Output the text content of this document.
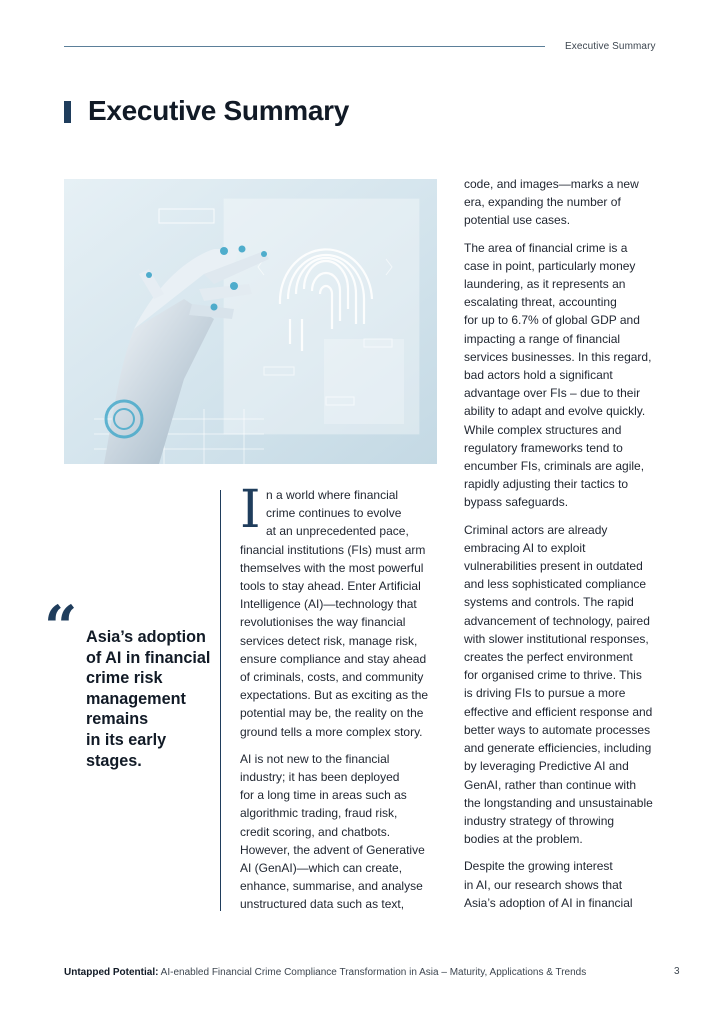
Executive Summary
Executive Summary
“ Asia’s adoption
of AI in financial
crime risk
management
remains
in its early
stages.
I n a world where financial
crime continues to evolve
at an unprecedented pace,
financial institutions (FIs) must arm
themselves with the most powerful
tools to stay ahead. Enter Artificial
Intelligence (AI)—technology that
revolutionises the way financial
services detect risk, manage risk,
ensure compliance and stay ahead
of criminals, costs, and community
expectations. But as exciting as the
potential may be, the reality on the
ground tells a more complex story.
AI is not new to the financial
industry; it has been deployed
for a long time in areas such as
algorithmic trading, fraud risk,
credit scoring, and chatbots.
However, the advent of Generative
AI (GenAI)—which can create,
enhance, summarise, and analyse
unstructured data such as text,
code, and images—marks a new
era, expanding the number of
potential use cases.
The area of financial crime is a
case in point, particularly money
laundering, as it represents an
escalating threat, accounting
for up to 6.7% of global GDP and
impacting a range of financial
services businesses. In this regard,
bad actors hold a significant
advantage over FIs – due to their
ability to adapt and evolve quickly.
While complex structures and
regulatory frameworks tend to
encumber FIs, criminals are agile,
rapidly adjusting their tactics to
bypass safeguards.
Criminal actors are already
embracing AI to exploit
vulnerabilities present in outdated
and less sophisticated compliance
systems and controls. The rapid
advancement of technology, paired
with slower institutional responses,
creates the perfect environment
for organised crime to thrive. This
is driving FIs to pursue a more
effective and efficient response and
better ways to automate processes
and generate efficiencies, including
by leveraging Predictive AI and
GenAI, rather than continue with
the longstanding and unsustainable
industry strategy of throwing
bodies at the problem.
Despite the growing interest
in AI, our research shows that
Asia’s adoption of AI in financial
Untapped Potential: AI-enabled Financial Crime Compliance Transformation in Asia – Maturity, Applications & Trends	3
